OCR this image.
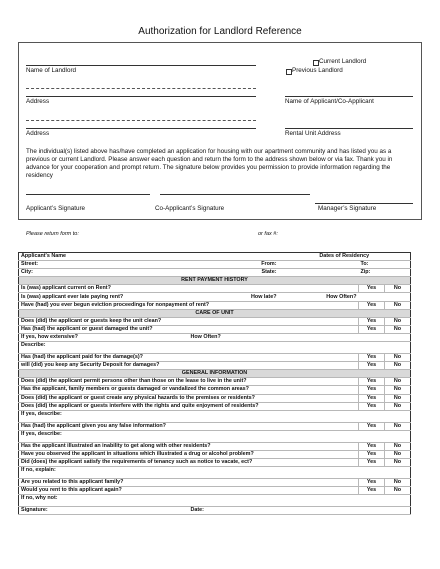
Authorization for Landlord Reference
Current Landlord
Previous Landlord
Name of Landlord
Address	Name of Applicant/Co-Applicant
Address	Rental Unit Address
The individual(s) listed above has/have completed an application for housing with our apartment community and has listed you as a previous or current Landlord. Please answer each question and return the form to the address shown below or via fax. Thank you in advance for your cooperation and prompt return. The signature below provides you permission to provide information regarding the residency
Applicant’s Signature	Co-Applicant’s Signature	Manager’s Signature
Please return form to:	or fax #:
Applicant's Name		Dates of Residency		
Street:	From:		To:	
City:	State:		Zip:	
RENT PAYMENT HISTORY				
Is (was) applicant current on Rent?			Yes	No
Is (was) applicant ever late paying rent?	How late?	How Often?		
Have (had) you ever begun eviction proceedings for nonpayment of rent?			Yes	No
CARE OF UNIT				
Does (did) the applicant or guests keep the unit clean?			Yes	No
Has (had) the applicant or guest damaged the unit?			Yes	No
If yes, how extensive?	How Often?			
Describe:				
Has (had) the applicant paid for the damage(s)?			Yes	No
will (did) you keep any Security Deposit for damages?			Yes	No
GENERAL INFORMATION				
Does (did) the applicant permit persons other than those on the lease to live in the unit?			Yes	No
Has the applicant, family members or guests damaged or vandalized the common areas?			Yes	No
Does (did) the applicant or guest create any physical hazards to the premises or residents?			Yes	No
Does (did) the applicant or guests interfere with the rights and quite enjoyment of residents?			Yes	No
If yes, describe:				
Has (had) the applicant given you any false information?			Yes	No
If yes, describe:				
Has the applicant illustrated an inability to get along with other residents?			Yes	No
Have you observed the applicant in situations which illustrated a drug or alcohol problem?			Yes	No
Did (does) the applicant satisfy the requirements of tenancy such as notice to vacate, ect?			Yes	No
If no, explain:				
Are you related to this applicant family?			Yes	No
Would you rent to this applicant again?			Yes	No
If no, why not:				
Signature:	Date:			
